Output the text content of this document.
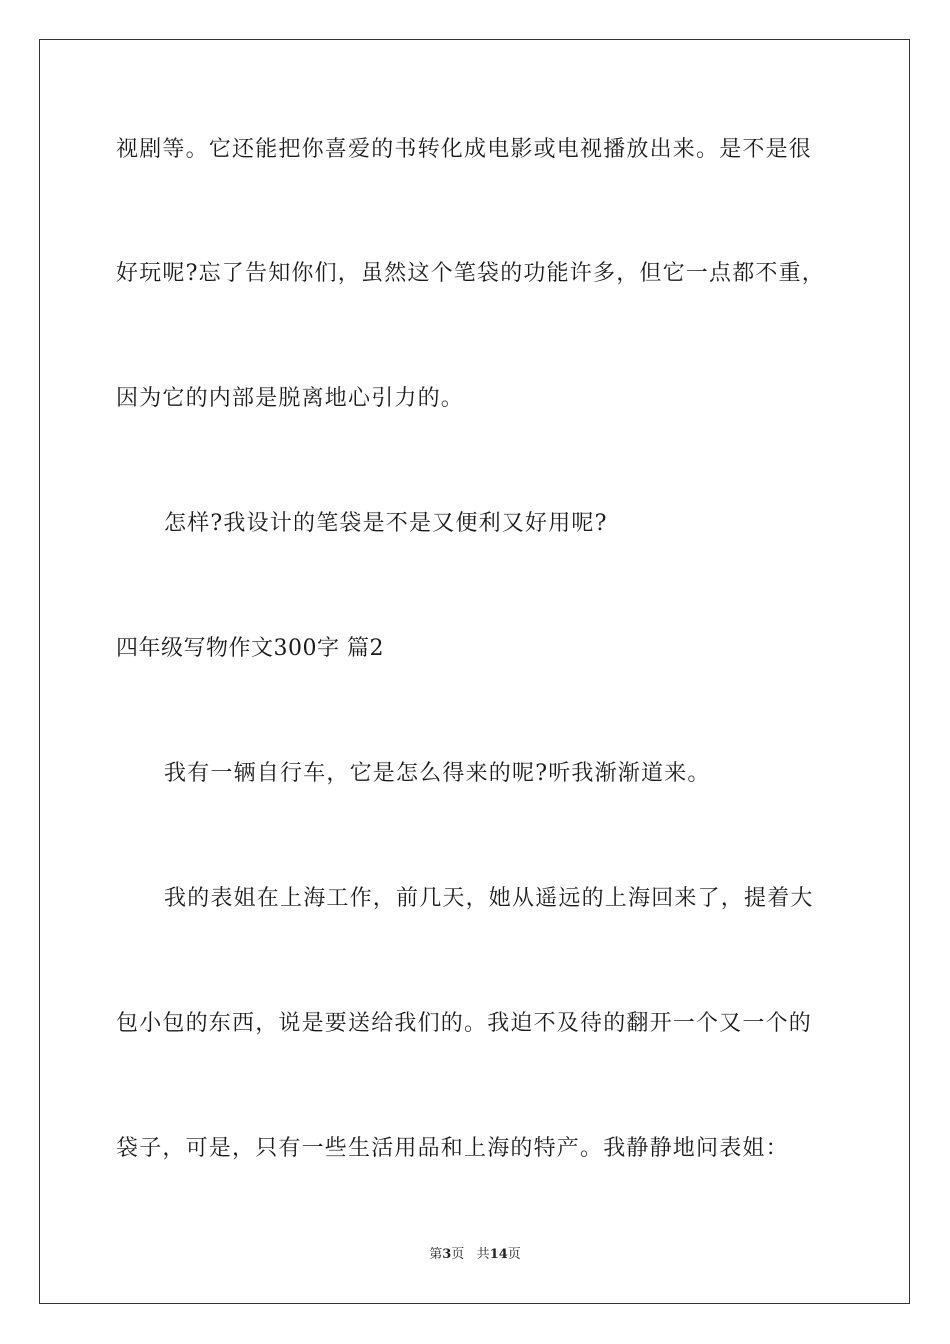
视剧等。它还能把你喜爱的书转化成电影或电视播放出来。是不是很
好玩呢?忘了告知你们，虽然这个笔袋的功能许多，但它一点都不重，
因为它的内部是脱离地心引力的。
怎样?我设计的笔袋是不是又便利又好用呢?
四年级写物作文300字 篇2
我有一辆自行车，它是怎么得来的呢?听我渐渐道来。
我的表姐在上海工作，前几天，她从遥远的上海回来了，提着大
包小包的东西，说是要送给我们的。我迫不及待的翻开一个又一个的
袋子，可是，只有一些生活用品和上海的特产。我静静地问表姐：
第3页 共14页
